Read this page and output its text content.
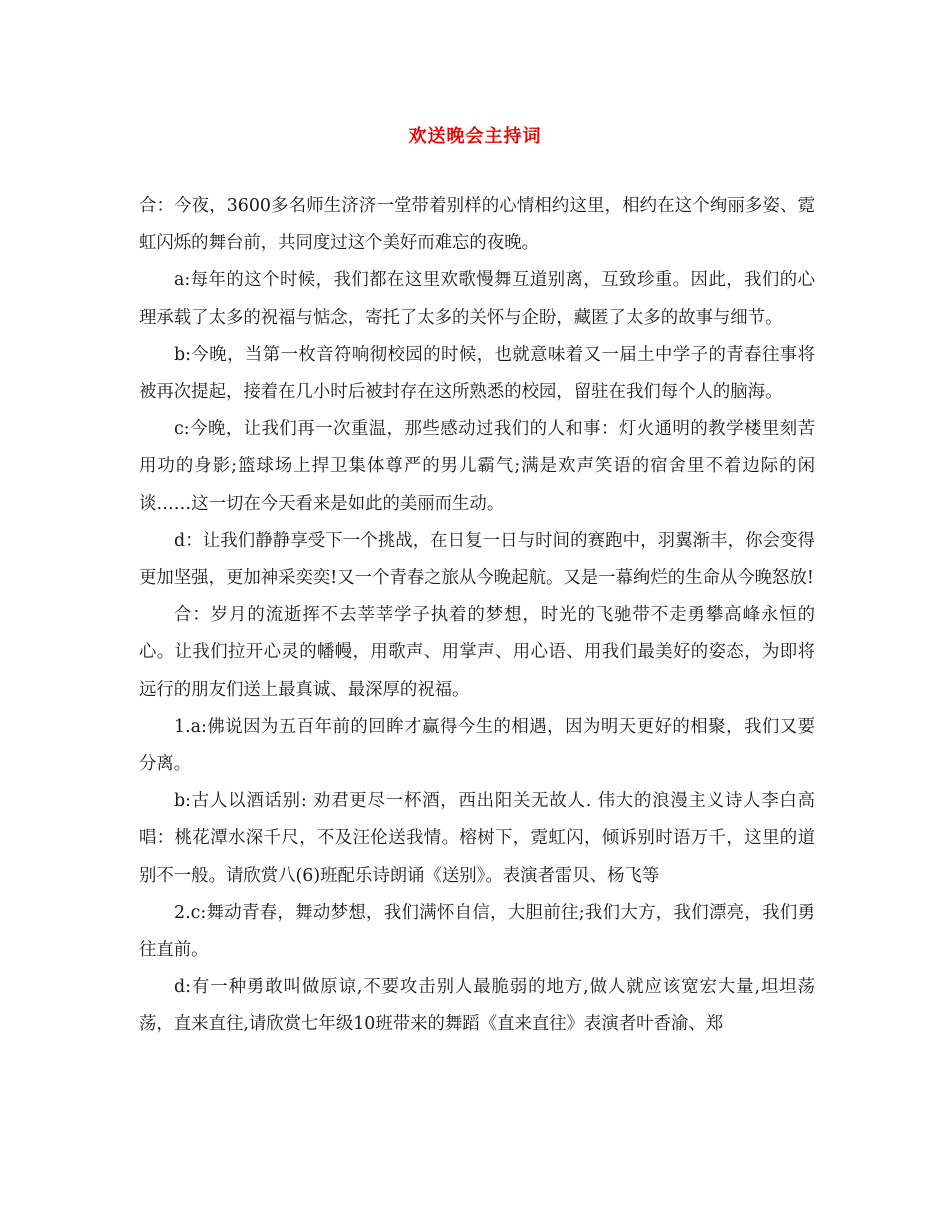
欢送晚会主持词

合：今夜，3600多名师生济济一堂带着别样的心情相约这里，相约在这个绚丽多姿、霓虹闪烁的舞台前，共同度过这个美好而难忘的夜晚。

a:每年的这个时候，我们都在这里欢歌慢舞互道别离，互致珍重。因此，我们的心理承载了太多的祝福与惦念，寄托了太多的关怀与企盼，藏匿了太多的故事与细节。

b:今晚，当第一枚音符响彻校园的时候，也就意味着又一届土中学子的青春往事将被再次提起，接着在几小时后被封存在这所熟悉的校园，留驻在我们每个人的脑海。

c:今晚，让我们再一次重温，那些感动过我们的人和事：灯火通明的教学楼里刻苦用功的身影;篮球场上捍卫集体尊严的男儿霸气;满是欢声笑语的宿舍里不着边际的闲谈……这一切在今天看来是如此的美丽而生动。

d：让我们静静享受下一个挑战，在日复一日与时间的赛跑中，羽翼渐丰，你会变得更加坚强，更加神采奕奕!又一个青春之旅从今晚起航。又是一幕绚烂的生命从今晚怒放!

合：岁月的流逝挥不去莘莘学子执着的梦想，时光的飞驰带不走勇攀高峰永恒的心。让我们拉开心灵的幡幔，用歌声、用掌声、用心语、用我们最美好的姿态，为即将远行的朋友们送上最真诚、最深厚的祝福。

1.a:佛说因为五百年前的回眸才赢得今生的相遇，因为明天更好的相聚，我们又要分离。

b:古人以酒话别: 劝君更尽一杯酒，西出阳关无故人. 伟大的浪漫主义诗人李白高唱：桃花潭水深千尺，不及汪伦送我情。榕树下，霓虹闪，倾诉别时语万千，这里的道别不一般。请欣赏八(6)班配乐诗朗诵《送别》。表演者雷贝、杨飞等

2.c:舞动青春，舞动梦想，我们满怀自信，大胆前往;我们大方，我们漂亮，我们勇往直前。

d:有一种勇敢叫做原谅,不要攻击别人最脆弱的地方,做人就应该宽宏大量,坦坦荡荡，直来直往,请欣赏七年级10班带来的舞蹈《直来直往》表演者叶香渝、郑
